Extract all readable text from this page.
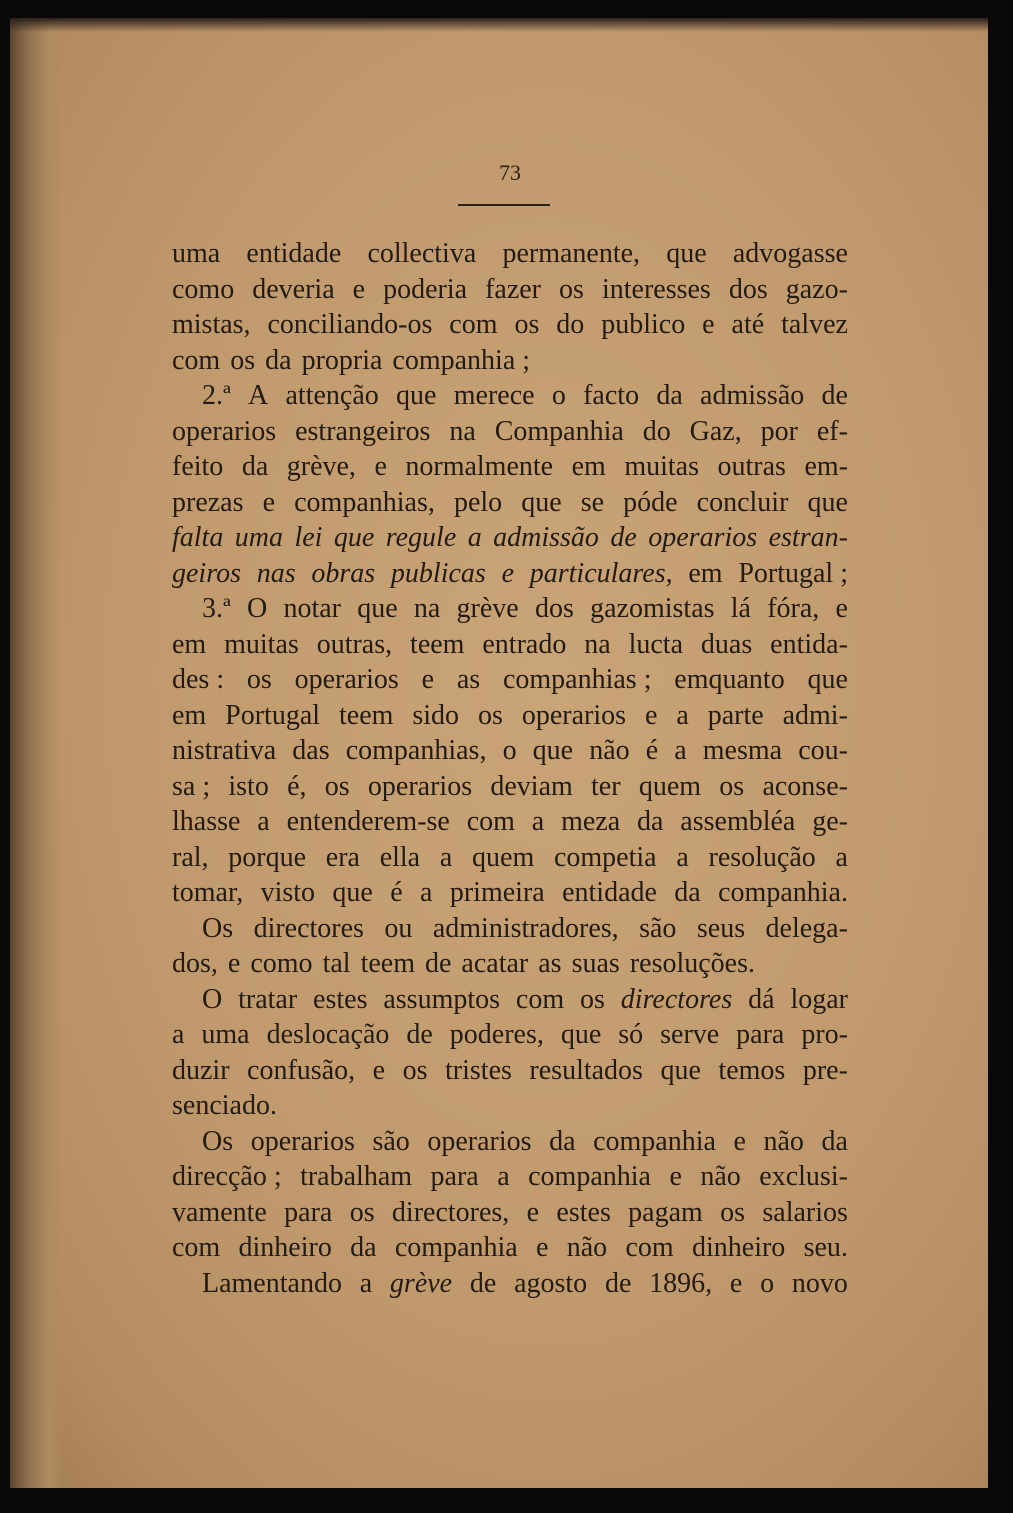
73
uma entidade collectiva permanente, que advogasse
como deveria e poderia fazer os interesses dos gazo-
mistas, conciliando-os com os do publico e até talvez
com os da propria companhia ;
2.ª A attenção que merece o facto da admissão de
operarios estrangeiros na Companhia do Gaz, por ef-
feito da grève, e normalmente em muitas outras em-
prezas e companhias, pelo que se póde concluir que
falta uma lei que regule a admissão de operarios estran-
geiros nas obras publicas e particulares, em Portugal ;
3.ª O notar que na grève dos gazomistas lá fóra, e
em muitas outras, teem entrado na lucta duas entida-
des : os operarios e as companhias ; emquanto que
em Portugal teem sido os operarios e a parte admi-
nistrativa das companhias, o que não é a mesma cou-
sa ; isto é, os operarios deviam ter quem os aconse-
lhasse a entenderem-se com a meza da assembléa ge-
ral, porque era ella a quem competia a resolução a
tomar, visto que é a primeira entidade da companhia.
Os directores ou administradores, são seus delega-
dos, e como tal teem de acatar as suas resoluções.
O tratar estes assumptos com os directores dá logar
a uma deslocação de poderes, que só serve para pro-
duzir confusão, e os tristes resultados que temos pre-
senciado.
Os operarios são operarios da companhia e não da
direcção ; trabalham para a companhia e não exclusi-
vamente para os directores, e estes pagam os salarios
com dinheiro da companhia e não com dinheiro seu.
Lamentando a grève de agosto de 1896, e o novo
